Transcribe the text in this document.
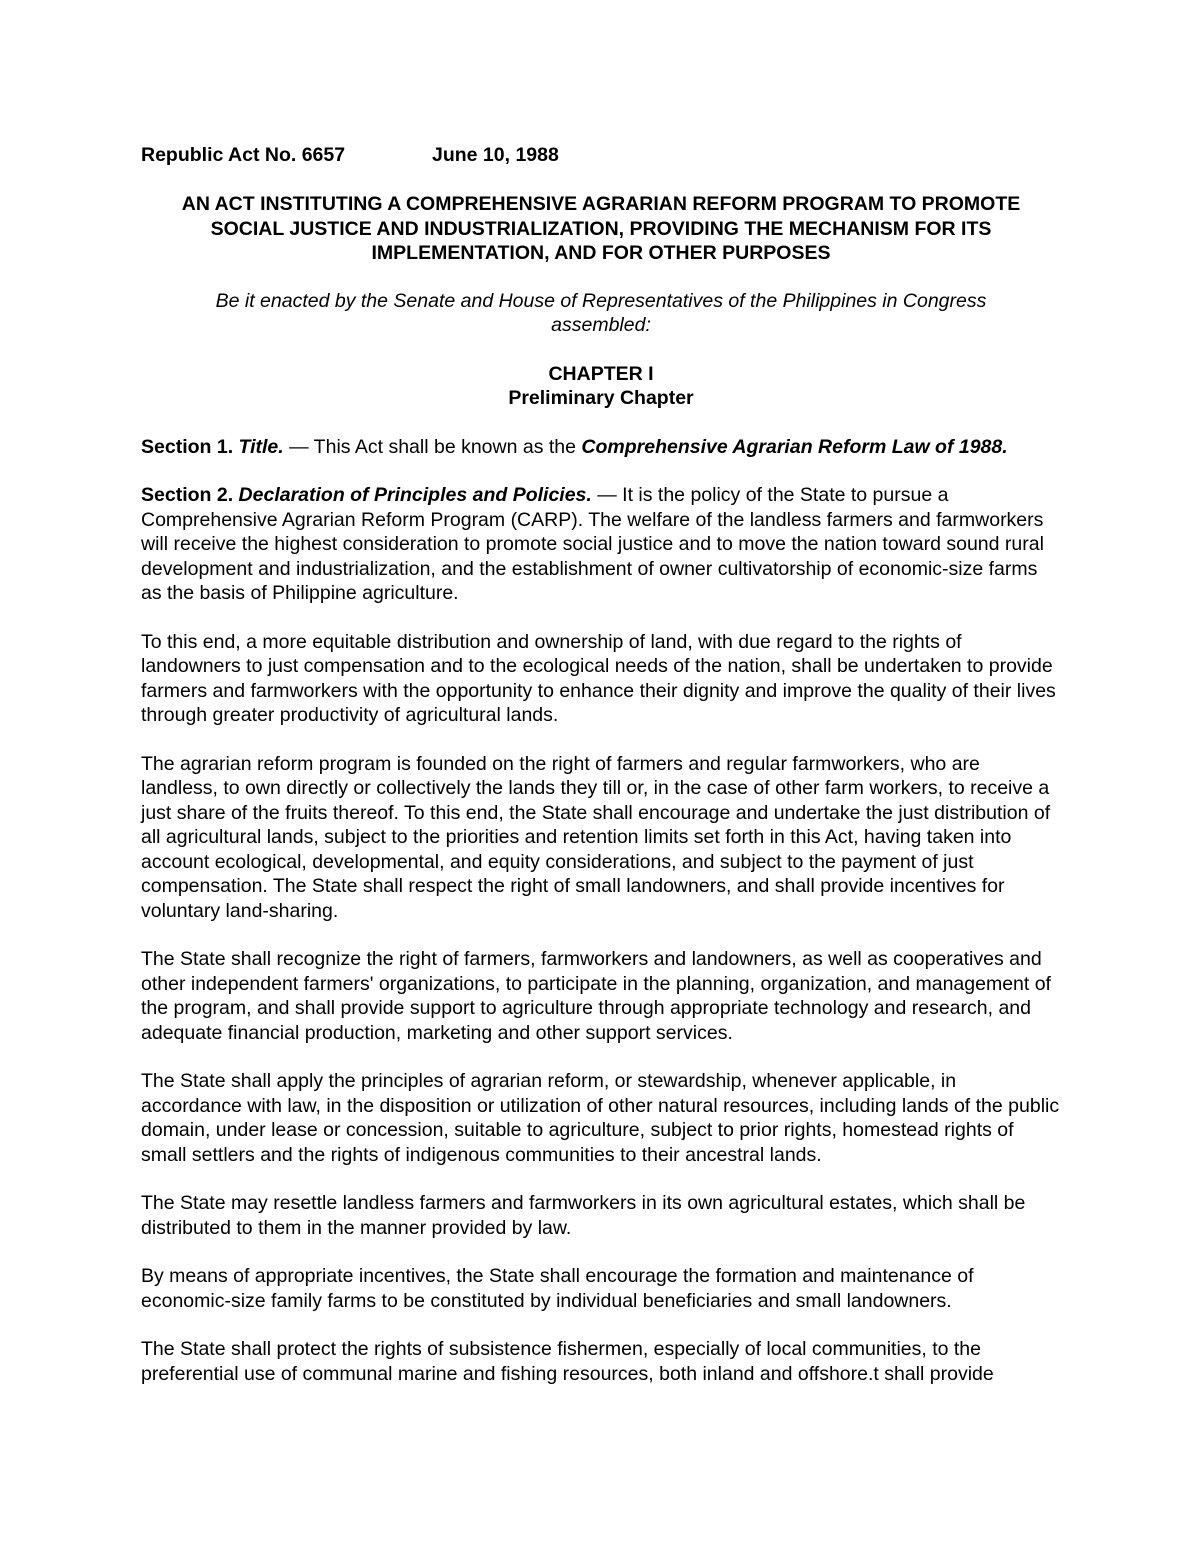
Republic Act No. 6657	June 10, 1988
AN ACT INSTITUTING A COMPREHENSIVE AGRARIAN REFORM PROGRAM TO PROMOTE
SOCIAL JUSTICE AND INDUSTRIALIZATION, PROVIDING THE MECHANISM FOR ITS
IMPLEMENTATION, AND FOR OTHER PURPOSES
Be it enacted by the Senate and House of Representatives of the Philippines in Congress
assembled:
CHAPTER I
Preliminary Chapter

Section 1. Title. — This Act shall be known as the Comprehensive Agrarian Reform Law of 1988.

Section 2. Declaration of Principles and Policies. — It is the policy of the State to pursue a Comprehensive Agrarian Reform Program (CARP). The welfare of the landless farmers and farmworkers will receive the highest consideration to promote social justice and to move the nation toward sound rural development and industrialization, and the establishment of owner cultivatorship of economic-size farms as the basis of Philippine agriculture.

To this end, a more equitable distribution and ownership of land, with due regard to the rights of landowners to just compensation and to the ecological needs of the nation, shall be undertaken to provide farmers and farmworkers with the opportunity to enhance their dignity and improve the quality of their lives through greater productivity of agricultural lands.

The agrarian reform program is founded on the right of farmers and regular farmworkers, who are landless, to own directly or collectively the lands they till or, in the case of other farm workers, to receive a just share of the fruits thereof. To this end, the State shall encourage and undertake the just distribution of all agricultural lands, subject to the priorities and retention limits set forth in this Act, having taken into account ecological, developmental, and equity considerations, and subject to the payment of just compensation. The State shall respect the right of small landowners, and shall provide incentives for voluntary land-sharing.

The State shall recognize the right of farmers, farmworkers and landowners, as well as cooperatives and other independent farmers' organizations, to participate in the planning, organization, and management of the program, and shall provide support to agriculture through appropriate technology and research, and adequate financial production, marketing and other support services.

The State shall apply the principles of agrarian reform, or stewardship, whenever applicable, in accordance with law, in the disposition or utilization of other natural resources, including lands of the public domain, under lease or concession, suitable to agriculture, subject to prior rights, homestead rights of small settlers and the rights of indigenous communities to their ancestral lands.

The State may resettle landless farmers and farmworkers in its own agricultural estates, which shall be distributed to them in the manner provided by law.

By means of appropriate incentives, the State shall encourage the formation and maintenance of economic-size family farms to be constituted by individual beneficiaries and small landowners.

The State shall protect the rights of subsistence fishermen, especially of local communities, to the preferential use of communal marine and fishing resources, both inland and offshore.t shall provide
